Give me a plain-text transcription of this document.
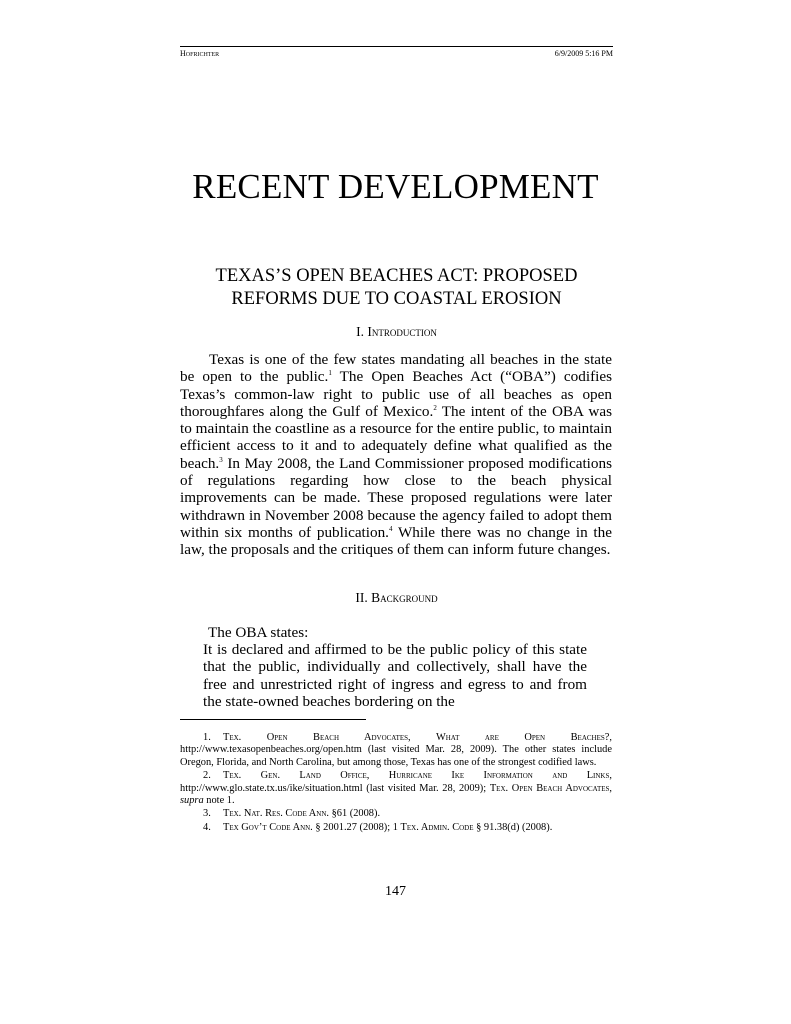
Hofrichter	6/9/2009 5:16 PM
RECENT DEVELOPMENT
TEXAS’S OPEN BEACHES ACT: PROPOSED
REFORMS DUE TO COASTAL EROSION
I. Introduction
Texas is one of the few states mandating all beaches in the state be open to the public.$^1$ The Open Beaches Act (“OBA”) codifies Texas’s common-law right to public use of all beaches as open thoroughfares along the Gulf of Mexico.$^2$ The intent of the OBA was to maintain the coastline as a resource for the entire public, to maintain efficient access to it and to adequately define what qualified as the beach.$^3$ In May 2008, the Land Commissioner proposed modifications of regulations regarding how close to the beach physical improvements can be made. These proposed regulations were later withdrawn in November 2008 because the agency failed to adopt them within six months of publication.$^4$ While there was no change in the law, the proposals and the critiques of them can inform future changes.
II. Background
The OBA states:
It is declared and affirmed to be the public policy of this state that the public, individually and collectively, shall have the free and unrestricted right of ingress and egress to and from the state-owned beaches bordering on the

1. Tex. Open Beach Advocates, What are Open Beaches?, http://www.texasopenbeaches.org/open.htm (last visited Mar. 28, 2009). The other states include Oregon, Florida, and North Carolina, but among those, Texas has one of the strongest codified laws.

2. Tex. Gen. Land Office, Hurricane Ike Information and Links, http://www.glo.state.tx.us/ike/situation.html (last visited Mar. 28, 2009); Tex. Open Beach Advocates, supra note 1.

3. Tex. Nat. Res. Code Ann. §61 (2008).

4. Tex Gov’t Code Ann. § 2001.27 (2008); 1 Tex. Admin. Code § 91.38(d) (2008).

147
